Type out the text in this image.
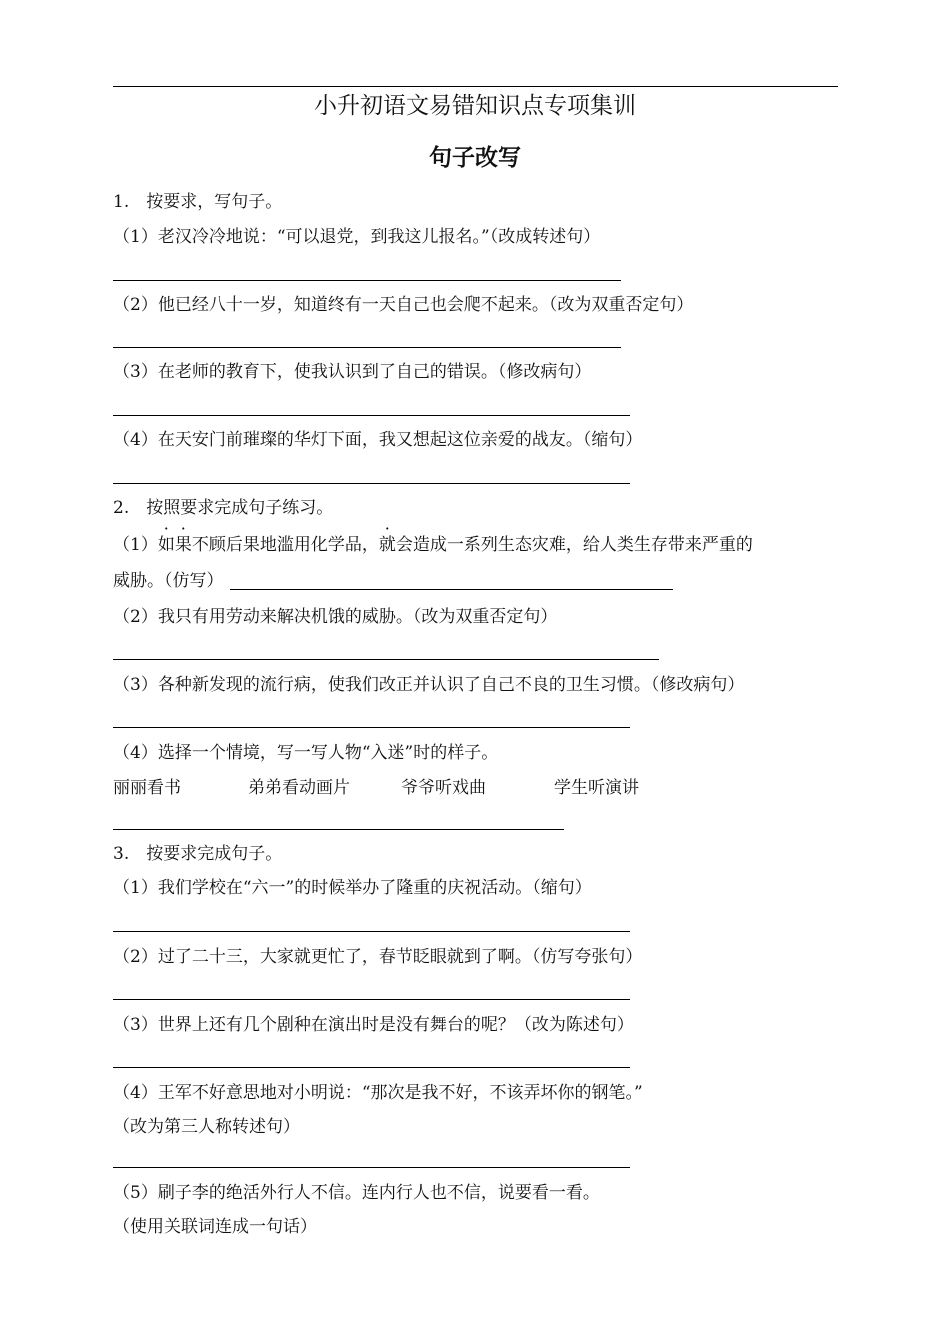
小升初语文易错知识点专项集训
句子改写
1.　按要求，写句子。
（1）老汉冷冷地说：“可以退党，到我这儿报名。”（改成转述句）
（2）他已经八十一岁，知道终有一天自己也会爬不起来。（改为双重否定句）
（3）在老师的教育下，使我认识到了自己的错误。（修改病句）
（4）在天安门前璀璨的华灯下面，我又想起这位亲爱的战友。（缩句）
2.　按照要求完成句子练习。
（1）如果不顾后果地滥用化学品，就会造成一系列生态灾难，给人类生存带来严重的
威胁。（仿写）
（2）我只有用劳动来解决机饿的威胁。（改为双重否定句）
（3）各种新发现的流行病，使我们改正并认识了自己不良的卫生习惯。（修改病句）
（4）选择一个情境，写一写人物“入迷”时的样子。
丽丽看书	弟弟看动画片	爷爷听戏曲	学生听演讲
3.　按要求完成句子。
（1）我们学校在“六一”的时候举办了隆重的庆祝活动。（缩句）
（2）过了二十三，大家就更忙了，春节眨眼就到了啊。（仿写夸张句）
（3）世界上还有几个剧种在演出时是没有舞台的呢？（改为陈述句）
（4）王军不好意思地对小明说：“那次是我不好，不该弄坏你的钢笔。”
（改为第三人称转述句）
（5）刷子李的绝活外行人不信。连内行人也不信，说要看一看。
（使用关联词连成一句话）
